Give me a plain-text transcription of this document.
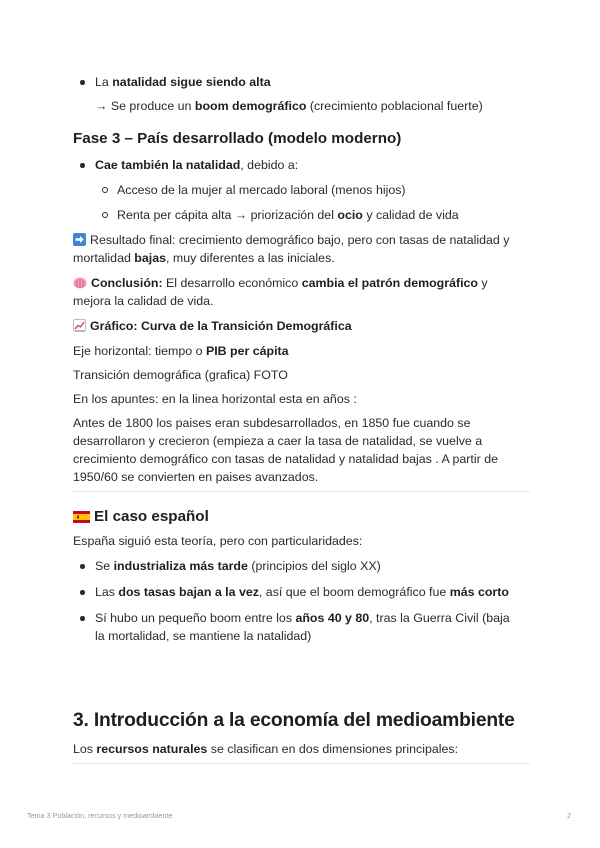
La natalidad sigue siendo alta

→ Se produce un boom demográfico (crecimiento poblacional fuerte)

Fase 3 – País desarrollado (modelo moderno)

Cae también la natalidad, debido a:

Acceso de la mujer al mercado laboral (menos hijos)

Renta per cápita alta → priorización del ocio y calidad de vida

Resultado final: crecimiento demográfico bajo, pero con tasas de natalidad y

mortalidad bajas, muy diferentes a las iniciales.

Conclusión: El desarrollo económico cambia el patrón demográfico y

mejora la calidad de vida.

Gráfico: Curva de la Transición Demográfica

Eje horizontal: tiempo o PIB per cápita

Transición demográfica (grafica) FOTO

En los apuntes: en la linea horizontal esta en años :

Antes de 1800 los paises eran subdesarrollados, en 1850 fue cuando se

desarrollaron y crecieron (empieza a caer la tasa de natalidad, se vuelve a

crecimiento demográfico con tasas de natalidad y natalidad bajas . A partir de

1950/60 se convierten en paises avanzados.

El caso español

España siguió esta teoría, pero con particularidades:

Se industrializa más tarde (principios del siglo XX)

Las dos tasas bajan a la vez, así que el boom demográfico fue más corto

Sí hubo un pequeño boom entre los años 40 y 80, tras la Guerra Civil (baja

la mortalidad, se mantiene la natalidad)

3. Introducción a la economía del medioambiente

Los recursos naturales se clasifican en dos dimensiones principales:

Tema 3 Población, recursos y medioambiente	2
